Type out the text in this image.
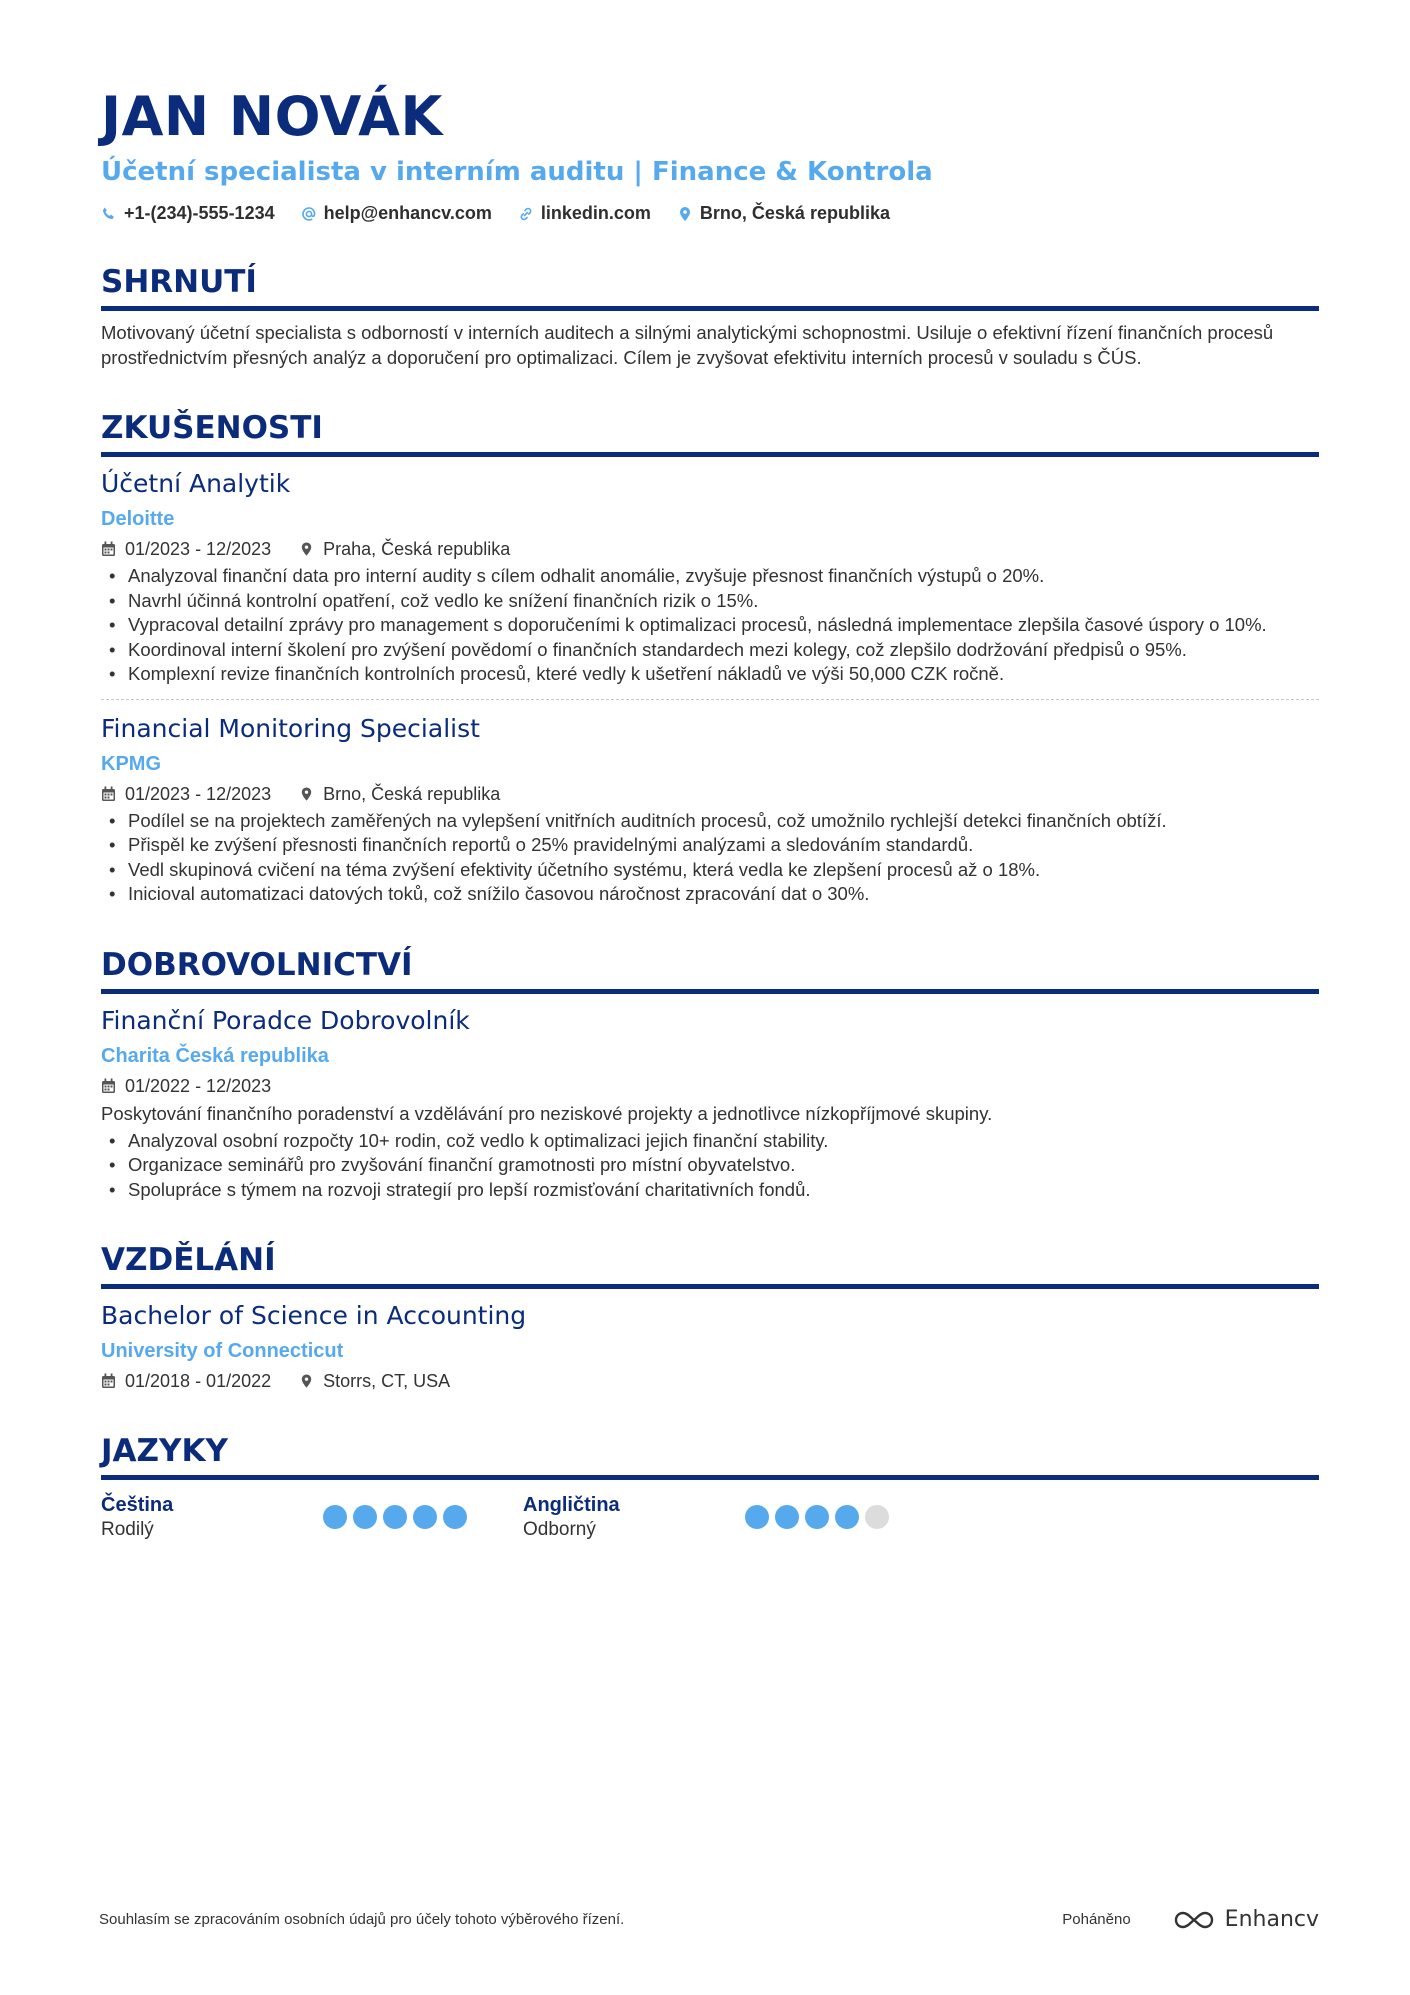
JAN NOVÁK
Účetní specialista v interním auditu | Finance & Kontrola
+1-(234)-555-1234	help@enhancv.com	linkedin.com	Brno, Česká republika
SHRNUTÍ
Motivovaný účetní specialista s odborností v interních auditech a silnými analytickými schopnostmi. Usiluje o efektivní řízení finančních procesů prostřednictvím přesných analýz a doporučení pro optimalizaci. Cílem je zvyšovat efektivitu interních procesů v souladu s ČÚS.
ZKUŠENOSTI
Účetní Analytik
Deloitte
01/2023 - 12/2023	Praha, Česká republika
• Analyzoval finanční data pro interní audity s cílem odhalit anomálie, zvyšuje přesnost finančních výstupů o 20%.
• Navrhl účinná kontrolní opatření, což vedlo ke snížení finančních rizik o 15%.
• Vypracoval detailní zprávy pro management s doporučeními k optimalizaci procesů, následná implementace zlepšila časové úspory o 10%.
• Koordinoval interní školení pro zvýšení povědomí o finančních standardech mezi kolegy, což zlepšilo dodržování předpisů o 95%.
• Komplexní revize finančních kontrolních procesů, které vedly k ušetření nákladů ve výši 50,000 CZK ročně.
Financial Monitoring Specialist
KPMG
01/2023 - 12/2023	Brno, Česká republika
• Podílel se na projektech zaměřených na vylepšení vnitřních auditních procesů, což umožnilo rychlejší detekci finančních obtíží.
• Přispěl ke zvýšení přesnosti finančních reportů o 25% pravidelnými analýzami a sledováním standardů.
• Vedl skupinová cvičení na téma zvýšení efektivity účetního systému, která vedla ke zlepšení procesů až o 18%.
• Inicioval automatizaci datových toků, což snížilo časovou náročnost zpracování dat o 30%.
DOBROVOLNICTVÍ
Finanční Poradce Dobrovolník
Charita Česká republika
01/2022 - 12/2023
Poskytování finančního poradenství a vzdělávání pro neziskové projekty a jednotlivce nízkopříjmové skupiny.
• Analyzoval osobní rozpočty 10+ rodin, což vedlo k optimalizaci jejich finanční stability.
• Organizace seminářů pro zvyšování finanční gramotnosti pro místní obyvatelstvo.
• Spolupráce s týmem na rozvoji strategií pro lepší rozmisťování charitativních fondů.
VZDĚLÁNÍ
Bachelor of Science in Accounting
University of Connecticut
01/2018 - 01/2022	Storrs, CT, USA
JAZYKY
Čeština
Rodilý
Angličtina
Odborný
Souhlasím se zpracováním osobních údajů pro účely tohoto výběrového řízení.	Poháněno	Enhancv
